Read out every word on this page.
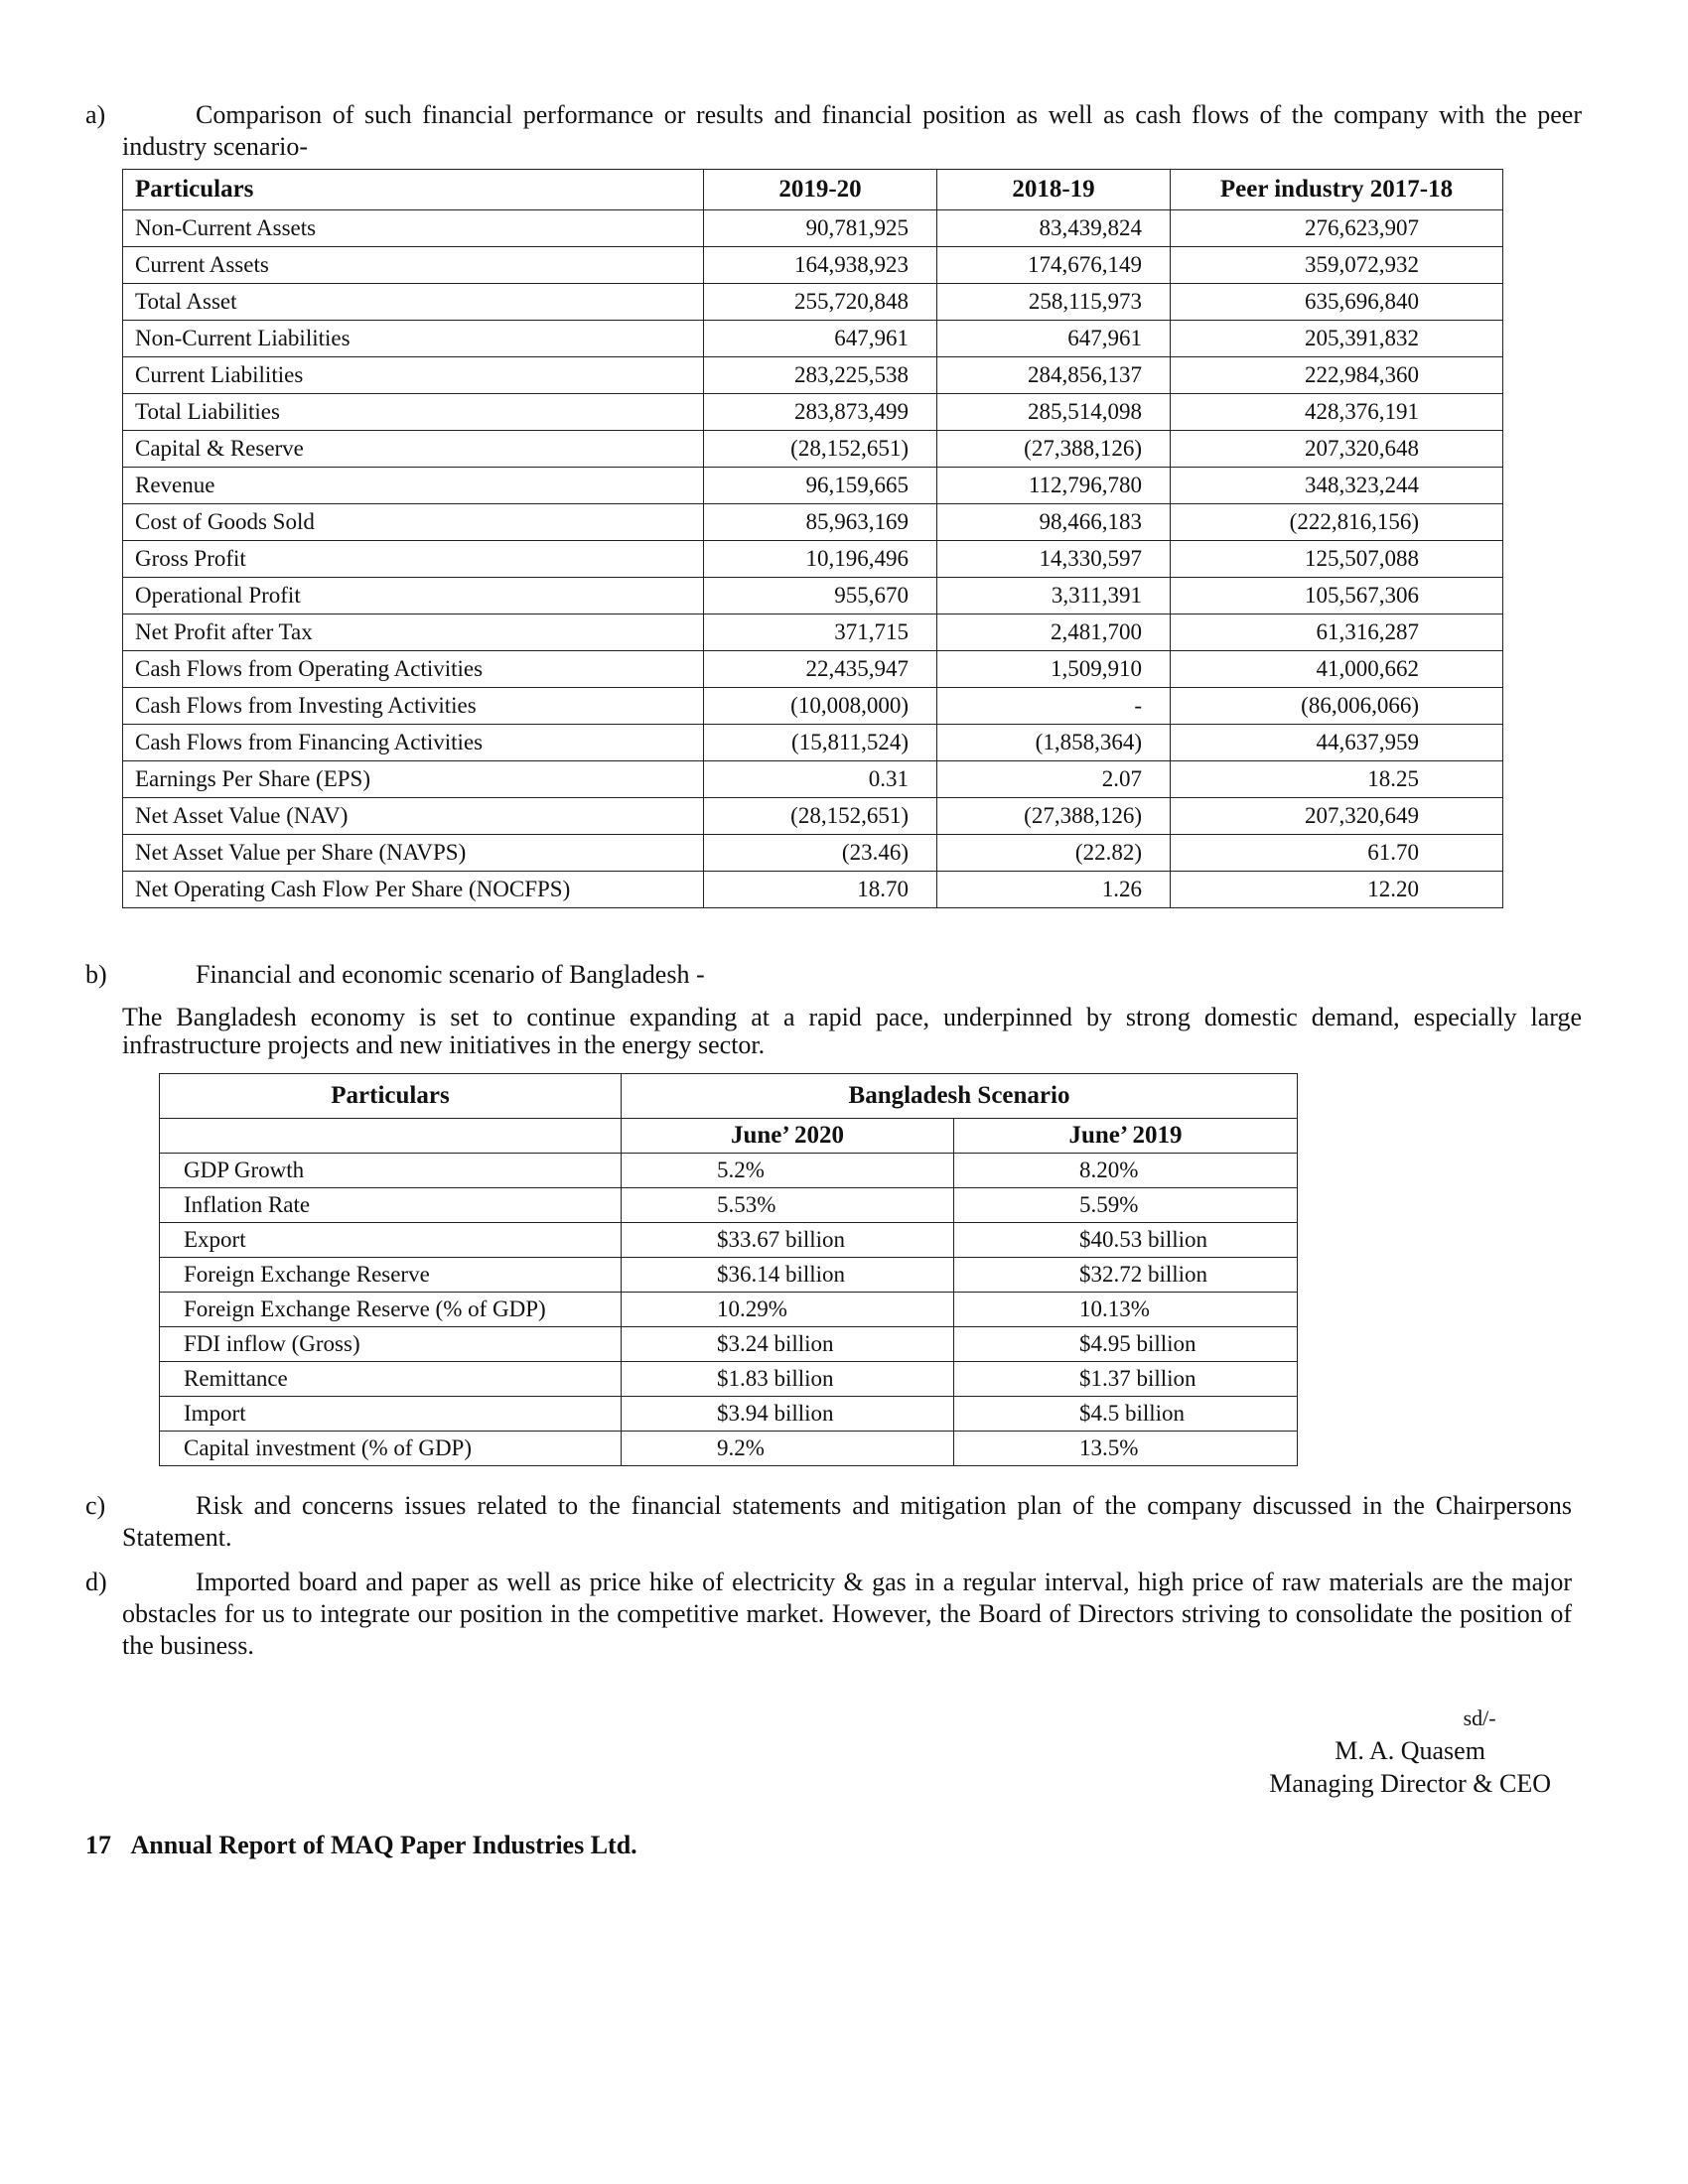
a)	Comparison of such financial performance or results and financial position as well as cash flows of the company with the peer industry scenario-
Particulars	2019-20	2018-19	Peer industry 2017-18
Non-Current Assets	90,781,925	83,439,824	276,623,907
Current Assets	164,938,923	174,676,149	359,072,932
Total Asset	255,720,848	258,115,973	635,696,840
Non-Current Liabilities	647,961	647,961	205,391,832
Current Liabilities	283,225,538	284,856,137	222,984,360
Total Liabilities	283,873,499	285,514,098	428,376,191
Capital & Reserve	(28,152,651)	(27,388,126)	207,320,648
Revenue	96,159,665	112,796,780	348,323,244
Cost of Goods Sold	85,963,169	98,466,183	(222,816,156)
Gross Profit	10,196,496	14,330,597	125,507,088
Operational Profit	955,670	3,311,391	105,567,306
Net Profit after Tax	371,715	2,481,700	61,316,287
Cash Flows from Operating Activities	22,435,947	1,509,910	41,000,662
Cash Flows from Investing Activities	(10,008,000)	-	(86,006,066)
Cash Flows from Financing Activities	(15,811,524)	(1,858,364)	44,637,959
Earnings Per Share (EPS)	0.31	2.07	18.25
Net Asset Value (NAV)	(28,152,651)	(27,388,126)	207,320,649
Net Asset Value per Share (NAVPS)	(23.46)	(22.82)	61.70
Net Operating Cash Flow Per Share (NOCFPS)	18.70	1.26	12.20
b)	Financial and economic scenario of Bangladesh -
The Bangladesh economy is set to continue expanding at a rapid pace, underpinned by strong domestic demand, especially large infrastructure projects and new initiatives in the energy sector.
Particulars	Bangladesh Scenario	
	June’ 2020	June’ 2019
GDP Growth	5.2%	8.20%
Inflation Rate	5.53%	5.59%
Export	$33.67 billion	$40.53 billion
Foreign Exchange Reserve	$36.14 billion	$32.72 billion
Foreign Exchange Reserve (% of GDP)	10.29%	10.13%
FDI inflow (Gross)	$3.24 billion	$4.95 billion
Remittance	$1.83 billion	$1.37 billion
Import	$3.94 billion	$4.5 billion
Capital investment (% of GDP)	9.2%	13.5%
c)	Risk and concerns issues related to the financial statements and mitigation plan of the company discussed in the Chairpersons Statement.
d)	Imported board and paper as well as price hike of electricity & gas in a regular interval, high price of raw materials are the major obstacles for us to integrate our position in the competitive market. However, the Board of Directors striving to consolidate the position of the business.
sd/-
M. A. Quasem
Managing Director & CEO
17 Annual Report of MAQ Paper Industries Ltd.
